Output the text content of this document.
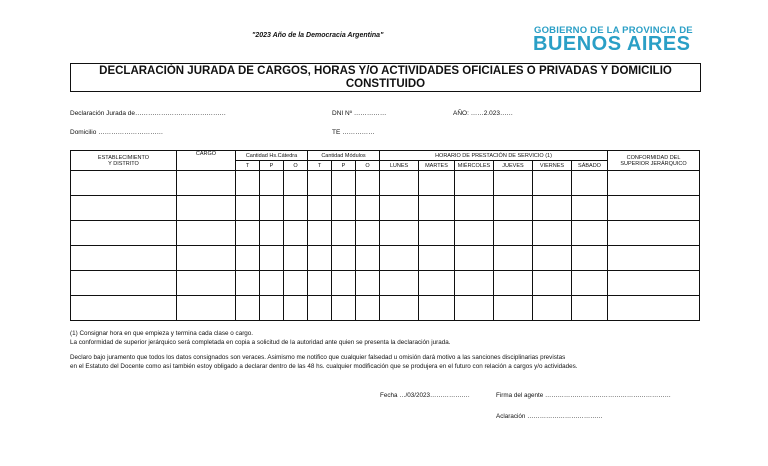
"2023 Año de la Democracia Argentina"	GOBIERNO DE LA PROVINCIA DE
BUENOS AIRES
DECLARACIÓN JURADA DE CARGOS, HORAS Y/O ACTIVIDADES OFICIALES O PRIVADAS Y DOMICILIO
CONSTITUIDO
Declaración Jurada de……………………………………	DNI Nº ……………	AÑO: ……2.023……
Domicilio …………………………	TE ……………
ESTABLECIMIENTO
Y DISTRITO	CARGO	Cantidad Hs.Cátedra			Cantidad Módulos			HORARIO DE PRESTACIÓN DE SERVICIO (1)						CONFORMIDAD DEL
SUPERIOR JERÁRQUICO
		T	P	O	T	P	O	LUNES	MARTES	MIÉRCOLES	JUEVES	VIERNES	SÁBADO	

(1) Consignar hora en que empieza y termina cada clase o cargo.
La conformidad de superior jerárquico será completada en copia a solicitud de la autoridad ante quien se presenta la declaración jurada.
Declaro bajo juramento que todos los datos consignados son veraces. Asimismo me notifico que cualquier falsedad u omisión dará motivo a las sanciones disciplinarias previstas
en el Estatuto del Docente como así también estoy obligado a declarar dentro de las 48 hs. cualquier modificación que se produjera en el futuro con relación a cargos y/o actividades.
Fecha …/03/2023……………….	Firma del agente ……………………………………………………
Aclaración ………………………………
